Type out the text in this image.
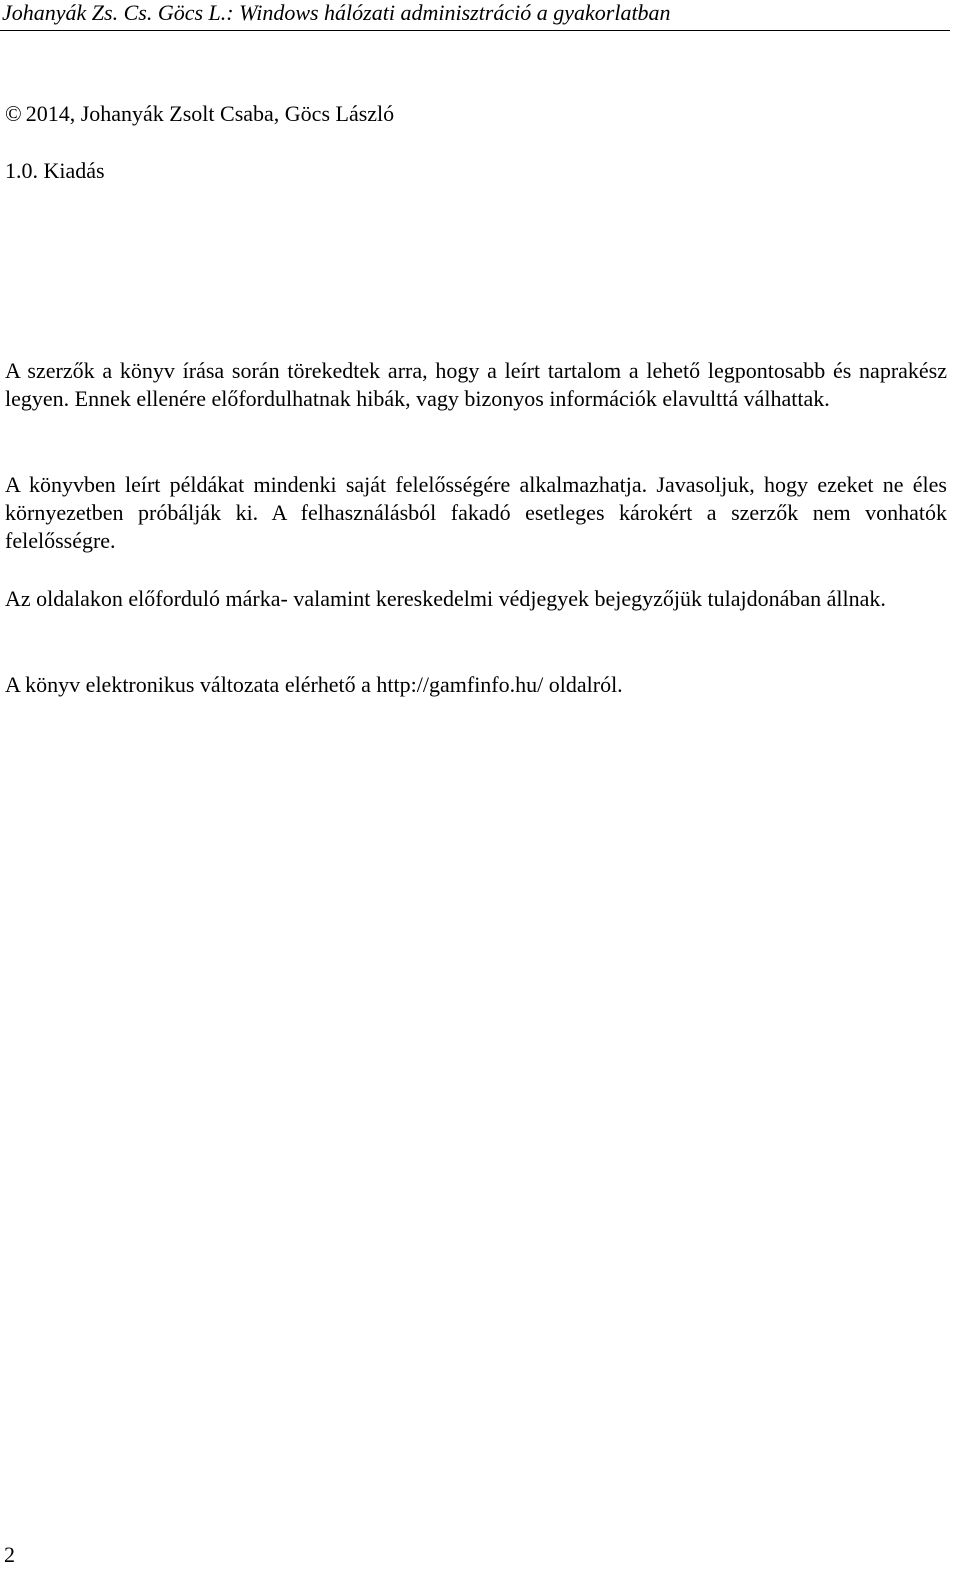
Johanyák Zs. Cs. Göcs L.: Windows hálózati adminisztráció a gyakorlatban
© 2014, Johanyák Zsolt Csaba, Göcs László
1.0. Kiadás

A szerzők a könyv írása során törekedtek arra, hogy a leírt tartalom a lehető legpontosabb és naprakész legyen. Ennek ellenére előfordulhatnak hibák, vagy bizonyos információk elavulttá válhattak.

A könyvben leírt példákat mindenki saját felelősségére alkalmazhatja. Javasoljuk, hogy ezeket ne éles környezetben próbálják ki. A felhasználásból fakadó esetleges károkért a szerzők nem vonhatók felelősségre.

Az oldalakon előforduló márka- valamint kereskedelmi védjegyek bejegyzőjük tulajdonában állnak.

A könyv elektronikus változata elérhető a http://gamfinfo.hu/ oldalról.

2
